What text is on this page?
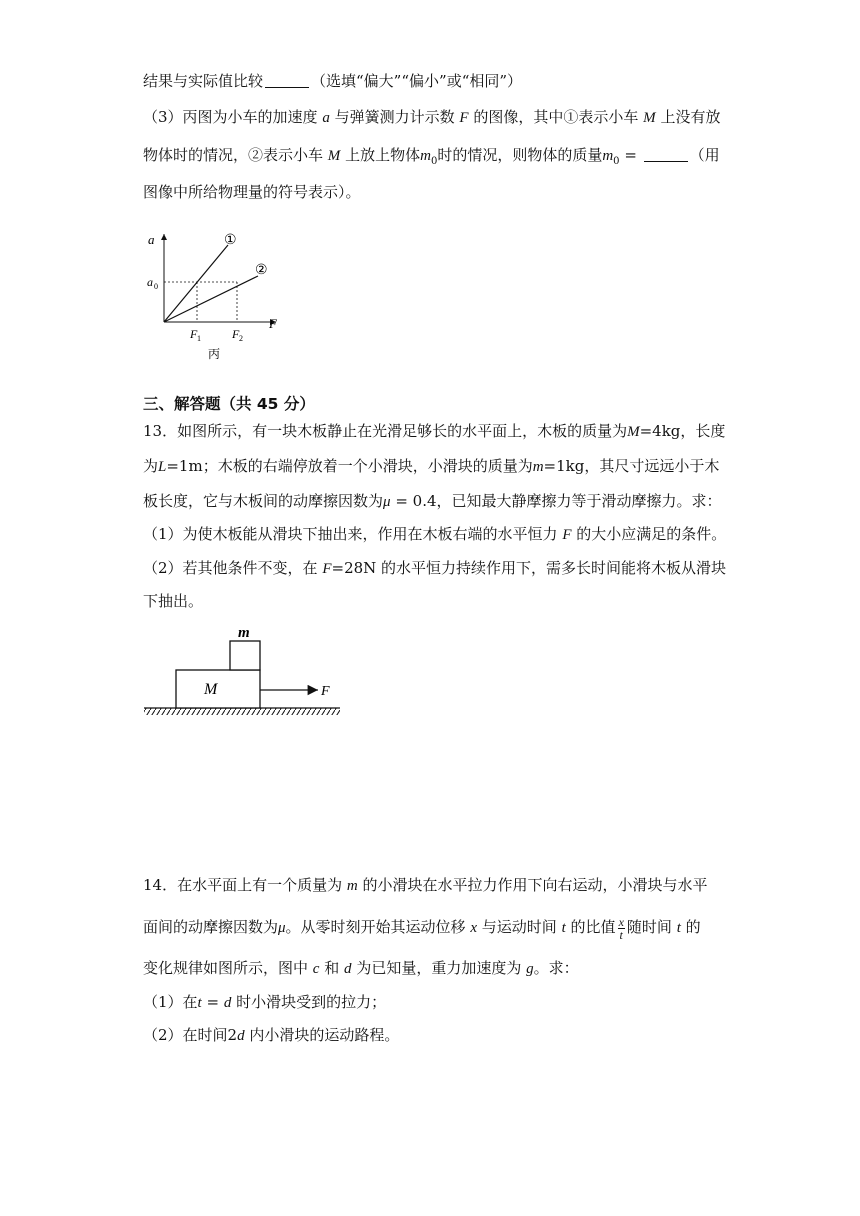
结果与实际值比较	（选填“偏大”“偏小”或“相同”）
（3）丙图为小车的加速度 a 与弹簧测力计示数 F 的图像，其中①表示小车 M 上没有放
物体时的情况，②表示小车 M 上放上物体$m_0$时的情况，则物体的质量$m_0$ =	（用
图像中所给物理量的符号表示）。
a
F
a 0
F 1	F 2
①
②
丙
三、解答题（共 45 分）
13．如图所示，有一块木板静止在光滑足够长的水平面上，木板的质量为M=4kg，长度
为L=1m；木板的右端停放着一个小滑块，小滑块的质量为m=1kg，其尺寸远远小于木
板长度，它与木板间的动摩擦因数为μ = 0.4，已知最大静摩擦力等于滑动摩擦力。求：
（1）为使木板能从滑块下抽出来，作用在木板右端的水平恒力 F 的大小应满足的条件。
（2）若其他条件不变，在 F=28N 的水平恒力持续作用下，需多长时间能将木板从滑块
下抽出。
M
m
F
14．在水平面上有一个质量为 m 的小滑块在水平拉力作用下向右运动，小滑块与水平
面间的动摩擦因数为μ。从零时刻开始其运动位移 x 与运动时间 t 的比值 $\frac{x}{t}$ 随时间 t 的
变化规律如图所示，图中 c 和 d 为已知量，重力加速度为 g。求：
（1）在t = d 时小滑块受到的拉力；
（2）在时间2d 内小滑块的运动路程。
